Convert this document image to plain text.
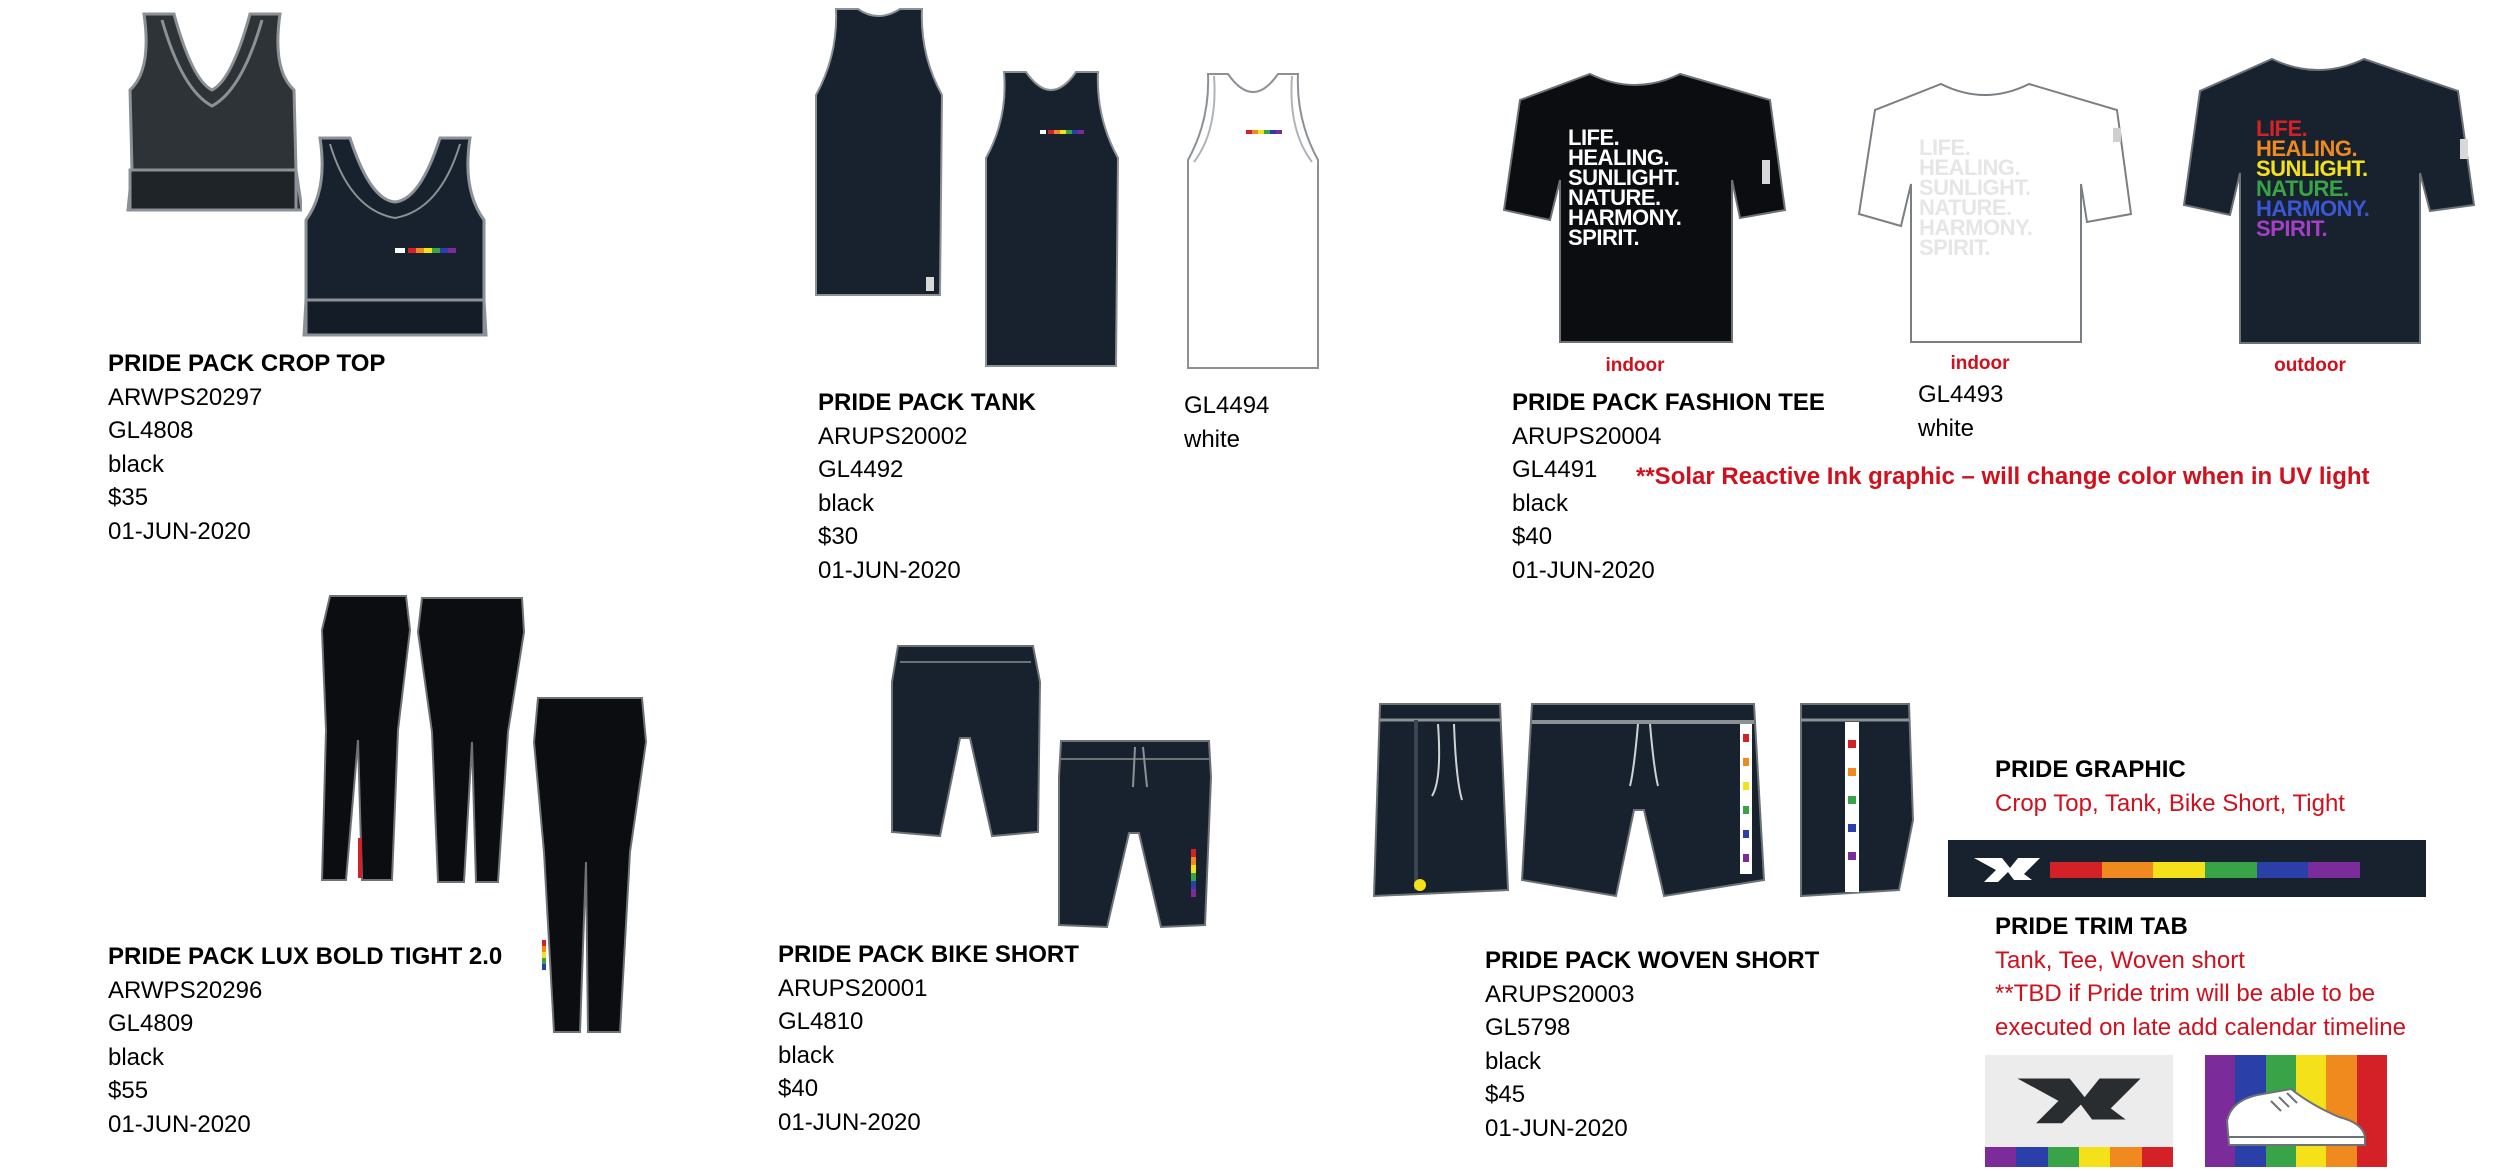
PRIDE PACK CROP TOP
ARWPS20297
GL4808
black
$35
01-JUN-2020
PRIDE PACK TANK
ARUPS20002
GL4492
black
$30
01-JUN-2020
GL4494
white
LIFE.
HEALING.
SUNLIGHT.
NATURE.
HARMONY.
SPIRIT.
indoor
LIFE.
HEALING.
SUNLIGHT.
NATURE.
HARMONY.
SPIRIT.
indoor
LIFE.
HEALING.
SUNLIGHT.
NATURE.
HARMONY.
SPIRIT.
outdoor
PRIDE PACK FASHION TEE
ARUPS20004
GL4491
black
$40
01-JUN-2020
GL4493
white
**Solar Reactive Ink graphic – will change color when in UV light
PRIDE PACK LUX BOLD TIGHT 2.0
ARWPS20296
GL4809
black
$55
01-JUN-2020
PRIDE PACK BIKE SHORT
ARUPS20001
GL4810
black
$40
01-JUN-2020
PRIDE PACK WOVEN SHORT
ARUPS20003
GL5798
black
$45
01-JUN-2020
PRIDE GRAPHIC
Crop Top, Tank, Bike Short, Tight
PRIDE TRIM TAB
Tank, Tee, Woven short
**TBD if Pride trim will be able to be
executed on late add calendar timeline
